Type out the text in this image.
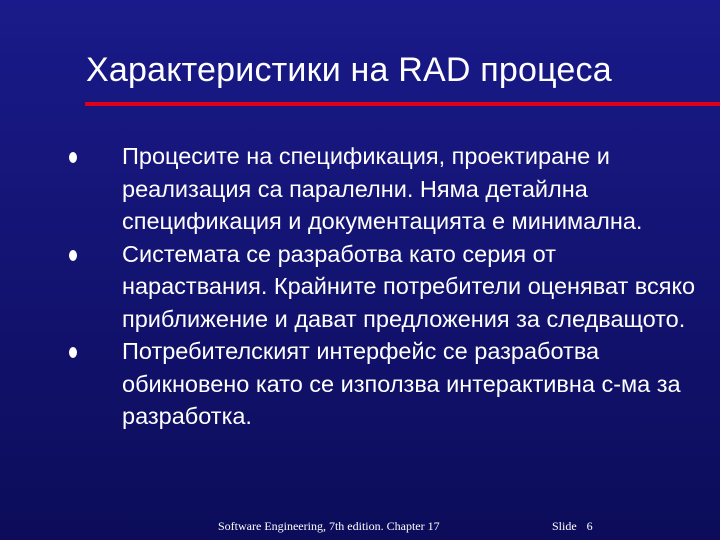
Характеристики на RAD процеса
Процесите на спецификация, проектиране и реализация са паралелни. Няма детайлна спецификация и документацията е минимална.
Системата се разработва като серия от нараствания. Крайните потребители оценяват всяко приближение и дават предложения за следващото.
Потребителският интерфейс се разработва обикновено като се използва интерактивна с-ма за разработка.
Software Engineering, 7th edition. Chapter 17	Slide 6
